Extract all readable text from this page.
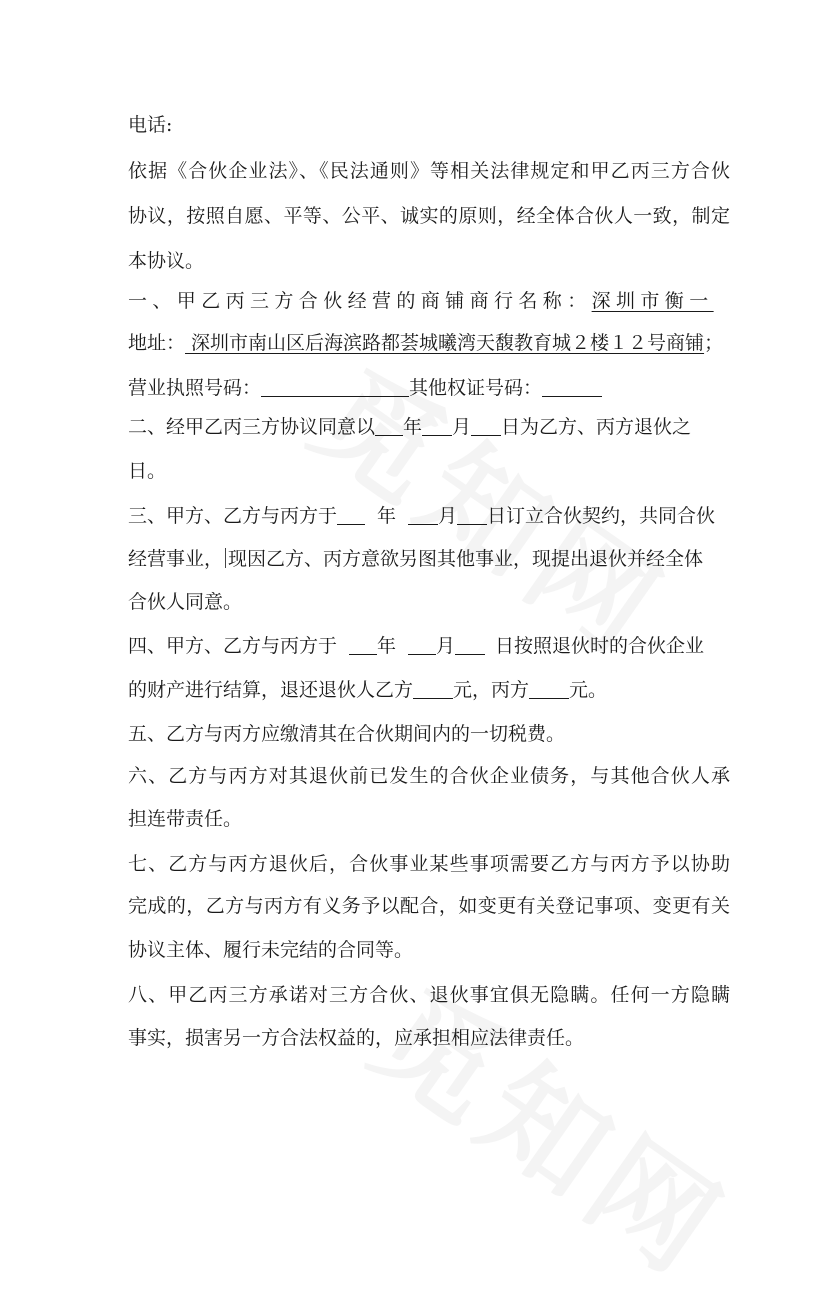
电话:
依据《合伙企业法》、《民法通则》等相关法律规定和甲乙丙三方合伙
协议，按照自愿、平等、公平、诚实的原则，经全体合伙人一致，制定
本协议。
一、甲乙丙三方合伙经营的商铺商行名称：深圳市衡一
地址： 深圳市南山区后海滨路都荟城曦湾天馥教育城２楼１２号商铺；
营业执照号码：	其他权证号码：
二、经甲乙丙三方协议同意以 年 月 日为乙方、丙方退伙之
日。
三、甲方、乙方与丙方于 年 月 日订立合伙契约，共同合伙
经营事业， 现因乙方、丙方意欲另图其他事业，现提出退伙并经全体
合伙人同意。
四、甲方、乙方与丙方于 年 月 日按照退伙时的合伙企业
的财产进行结算，退还退伙人乙方 元，丙方 元。
五、乙方与丙方应缴清其在合伙期间内的一切税费。
六、乙方与丙方对其退伙前已发生的合伙企业债务，与其他合伙人承
担连带责任。
七、乙方与丙方退伙后，合伙事业某些事项需要乙方与丙方予以协助
完成的，乙方与丙方有义务予以配合，如变更有关登记事项、变更有关
协议主体、履行未完结的合同等。
八、甲乙丙三方承诺对三方合伙、退伙事宜俱无隐瞒。任何一方隐瞒
事实，损害另一方合法权益的，应承担相应法律责任。
